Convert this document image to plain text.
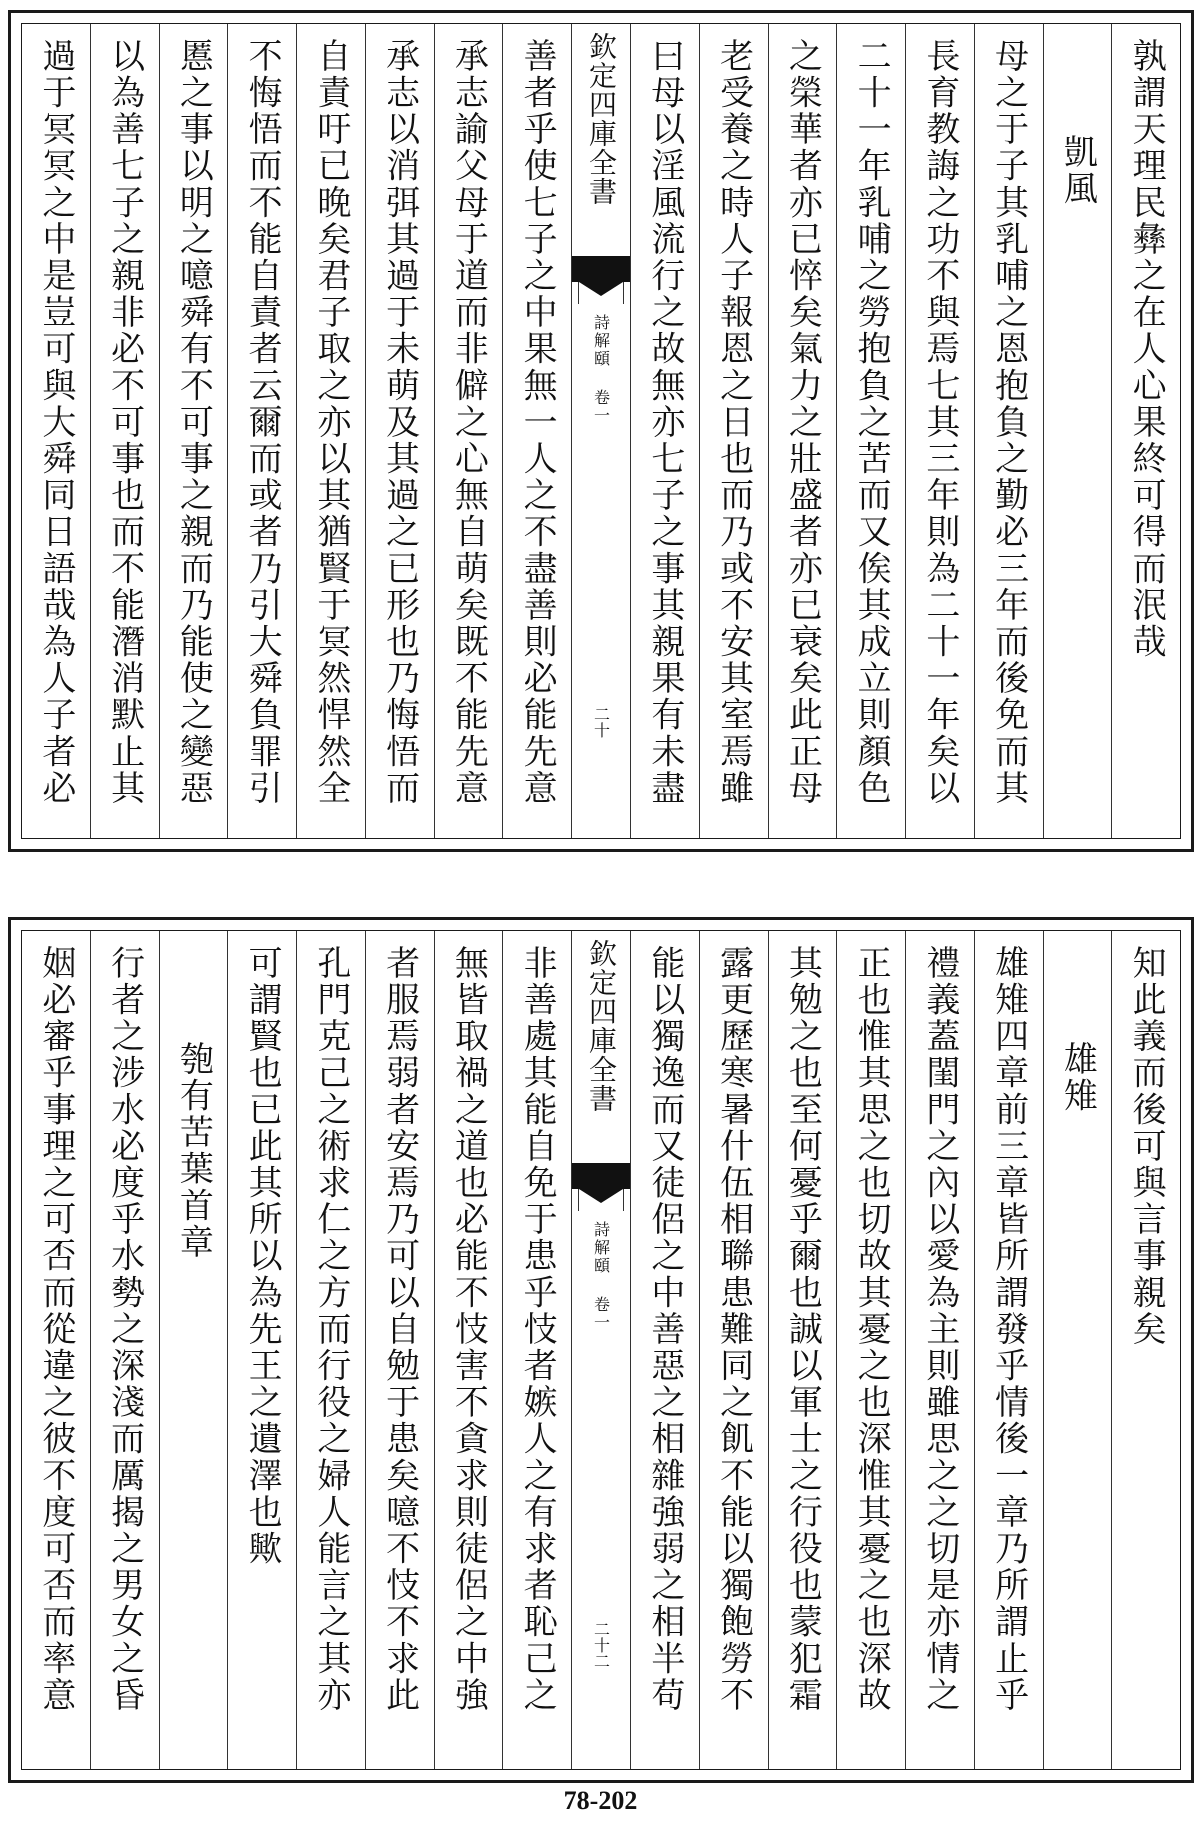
孰謂天理民彝之在人心果終可得而泯哉
凱風
母之于子其乳哺之恩抱負之勤必三年而後免而其
長育教誨之功不與焉七其三年則為二十一年矣以
二十一年乳哺之勞抱負之苦而又俟其成立則顏色
之榮華者亦已悴矣氣力之壯盛者亦已衰矣此正母
老受養之時人子報恩之日也而乃或不安其室焉雖
曰母以淫風流行之故無亦七子之事其親果有未盡
欽定四庫全書
詩解頤 卷一
二十
善者乎使七子之中果無一人之不盡善則必能先意
承志諭父母于道而非僻之心無自萌矣既不能先意
承志以消弭其過于未萌及其過之已形也乃悔悟而
自責吁已晚矣君子取之亦以其猶賢于冥然悍然全
不悔悟而不能自責者云爾而或者乃引大舜負罪引
慝之事以明之噫舜有不可事之親而乃能使之變惡
以為善七子之親非必不可事也而不能潛消默止其
過于冥冥之中是豈可與大舜同日語哉為人子者必
知此義而後可與言事親矣
雄雉
雄雉四章前三章皆所謂發乎情後一章乃所謂止乎
禮義蓋閨門之內以愛為主則雖思之之切是亦情之
正也惟其思之也切故其憂之也深惟其憂之也深故
其勉之也至何憂乎爾也誠以軍士之行役也蒙犯霜
露更歷寒暑什伍相聯患難同之飢不能以獨飽勞不
能以獨逸而又徒侶之中善惡之相雜強弱之相半苟
欽定四庫全書
詩解頤 卷一
二十二
非善處其能自免于患乎忮者嫉人之有求者恥己之
無皆取禍之道也必能不忮害不貪求則徒侶之中強
者服焉弱者安焉乃可以自勉于患矣噫不忮不求此
孔門克己之術求仁之方而行役之婦人能言之其亦
可謂賢也已此其所以為先王之遺澤也歟
匏有苦葉首章
行者之涉水必度乎水勢之深淺而厲揭之男女之昏
姻必審乎事理之可否而從違之彼不度可否而率意
78-202
